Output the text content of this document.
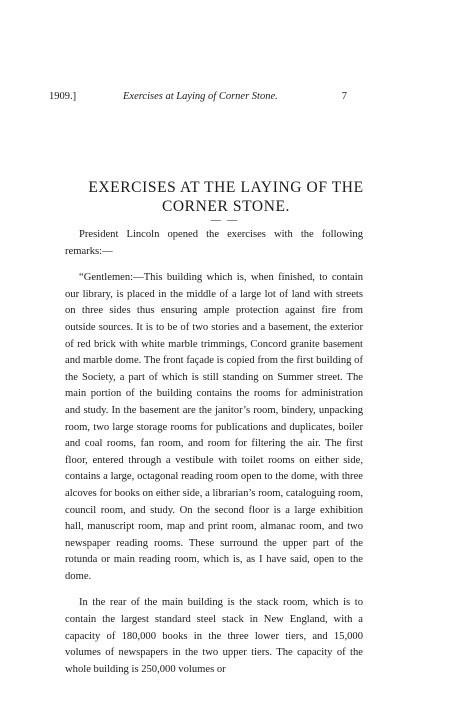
1909.]	Exercises at Laying of Corner Stone.	7
EXERCISES AT THE LAYING OF THE
CORNER STONE.
— —

President Lincoln opened the exercises with the following remarks:—

“Gentlemen:—This building which is, when finished, to contain our library, is placed in the middle of a large lot of land with streets on three sides thus ensuring ample protection against fire from outside sources. It is to be of two stories and a basement, the exterior of red brick with white marble trimmings, Concord granite basement and marble dome. The front façade is copied from the first building of the Society, a part of which is still standing on Summer street. The main portion of the building contains the rooms for administration and study. In the basement are the janitor’s room, bindery, unpacking room, two large storage rooms for publications and duplicates, boiler and coal rooms, fan room, and room for filtering the air. The first floor, entered through a vestibule with toilet rooms on either side, contains a large, octagonal reading room open to the dome, with three alcoves for books on either side, a librarian’s room, cataloguing room, council room, and study. On the second floor is a large exhibition hall, manuscript room, map and print room, almanac room, and two newspaper reading rooms. These surround the upper part of the rotunda or main reading room, which is, as I have said, open to the dome.

In the rear of the main building is the stack room, which is to contain the largest standard steel stack in New England, with a capacity of 180,000 books in the three lower tiers, and 15,000 volumes of newspapers in the two upper tiers. The capacity of the whole building is 250,000 volumes or
